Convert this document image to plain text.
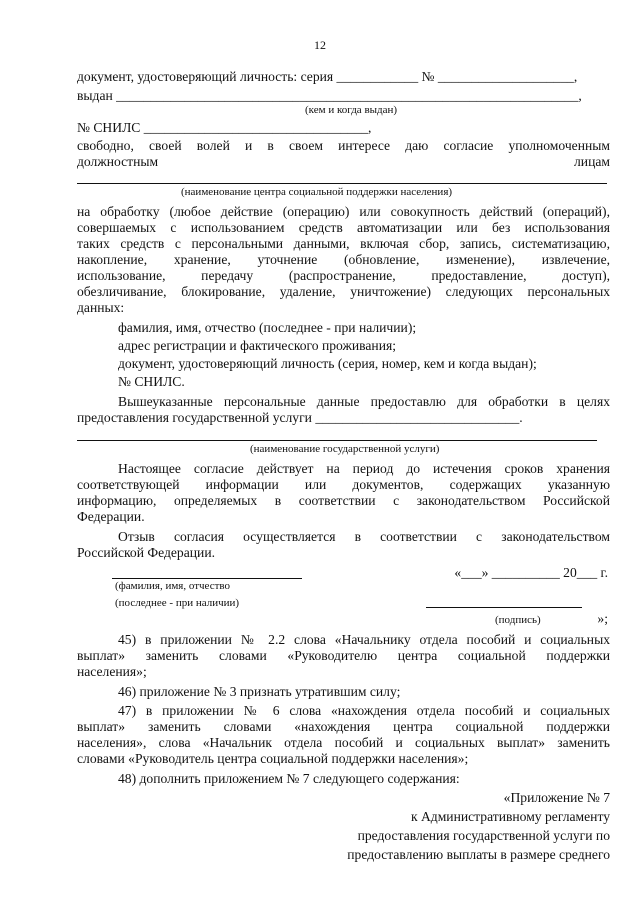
12
документ, удостоверяющий личность: серия ____________ № ____________________,
выдан ____________________________________________________________________,
(кем и когда выдан)
№ СНИЛС _________________________________,
свободно, своей волей и в своем интересе даю согласие уполномоченным
должностным	лицам
(наименование центра социальной поддержки населения)
на обработку (любое действие (операцию) или совокупность действий (операций),
совершаемых с использованием средств автоматизации или без использования
таких средств с персональными данными, включая сбор, запись, систематизацию,
накопление, хранение, уточнение (обновление, изменение), извлечение,
использование, передачу (распространение, предоставление, доступ),
обезличивание, блокирование, удаление, уничтожение) следующих персональных
данных:
фамилия, имя, отчество (последнее - при наличии);
адрес регистрации и фактического проживания;
документ, удостоверяющий личность (серия, номер, кем и когда выдан);
№ СНИЛС.
Вышеуказанные персональные данные предоставлю для обработки в целях
предоставления государственной услуги ______________________________.
(наименование государственной услуги)
Настоящее согласие действует на период до истечения сроков хранения
соответствующей информации или документов, содержащих указанную
информацию, определяемых в соответствии с законодательством Российской
Федерации.
Отзыв согласия осуществляется в соответствии с законодательством
Российской Федерации.
«___» __________ 20___ г.
(фамилия, имя, отчество
(последнее - при наличии)
(подпись)	»;
45) в приложении № 2.2 слова «Начальнику отдела пособий и социальных
выплат» заменить словами «Руководителю центра социальной поддержки
населения»;
46) приложение № 3 признать утратившим силу;
47) в приложении № 6 слова «нахождения отдела пособий и социальных
выплат» заменить словами «нахождения центра социальной поддержки
населения», слова «Начальник отдела пособий и социальных выплат» заменить
словами «Руководитель центра социальной поддержки населения»;
48) дополнить приложением № 7 следующего содержания:
«Приложение № 7
к Административному регламенту
предоставления государственной услуги по
предоставлению выплаты в размере среднего
